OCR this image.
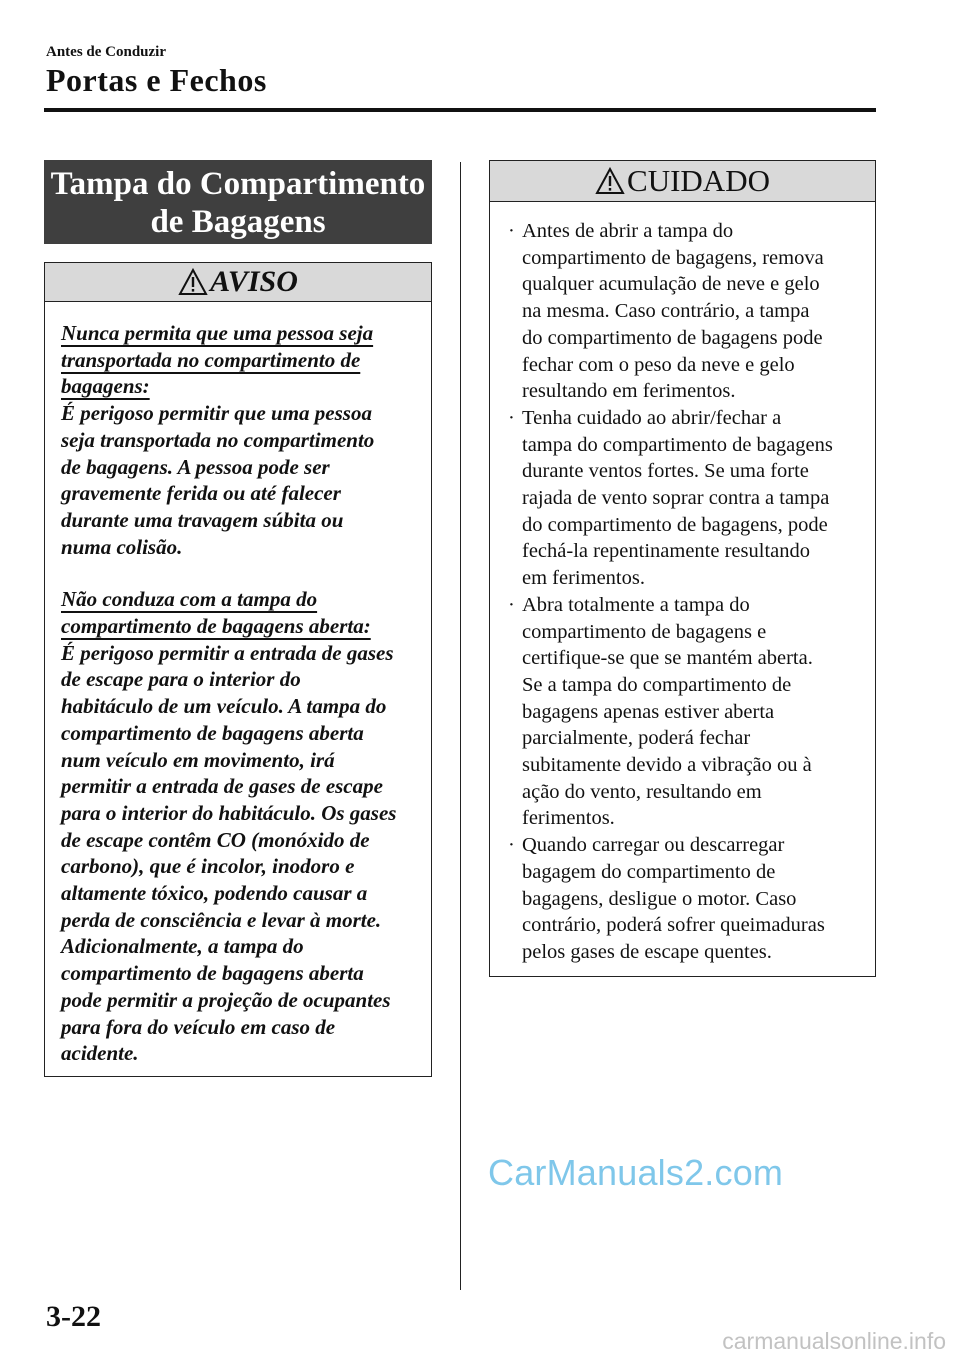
Antes de Conduzir
Portas e Fechos
Tampa do Compartimento
de Bagagens
AVISO

Nunca permita que uma pessoa seja
transportada no compartimento de
bagagens:

É perigoso permitir que uma pessoa
seja transportada no compartimento
de bagagens. A pessoa pode ser
gravemente ferida ou até falecer
durante uma travagem súbita ou
numa colisão.

Não conduza com a tampa do
compartimento de bagagens aberta:

É perigoso permitir a entrada de gases
de escape para o interior do
habitáculo de um veículo. A tampa do
compartimento de bagagens aberta
num veículo em movimento, irá
permitir a entrada de gases de escape
para o interior do habitáculo. Os gases
de escape contêm CO (monóxido de
carbono), que é incolor, inodoro e
altamente tóxico, podendo causar a
perda de consciência e levar à morte.
Adicionalmente, a tampa do
compartimento de bagagens aberta
pode permitir a projeção de ocupantes
para fora do veículo em caso de
acidente.

CUIDADO
· Antes de abrir a tampa do
compartimento de bagagens, remova
qualquer acumulação de neve e gelo
na mesma. Caso contrário, a tampa
do compartimento de bagagens pode
fechar com o peso da neve e gelo
resultando em ferimentos.
· Tenha cuidado ao abrir/fechar a
tampa do compartimento de bagagens
durante ventos fortes. Se uma forte
rajada de vento soprar contra a tampa
do compartimento de bagagens, pode
fechá-la repentinamente resultando
em ferimentos.
· Abra totalmente a tampa do
compartimento de bagagens e
certifique-se que se mantém aberta.
Se a tampa do compartimento de
bagagens apenas estiver aberta
parcialmente, poderá fechar
subitamente devido a vibração ou à
ação do vento, resultando em
ferimentos.
· Quando carregar ou descarregar
bagagem do compartimento de
bagagens, desligue o motor. Caso
contrário, poderá sofrer queimaduras
pelos gases de escape quentes.
CarManuals2.com
3-22
carmanualsonline.info
